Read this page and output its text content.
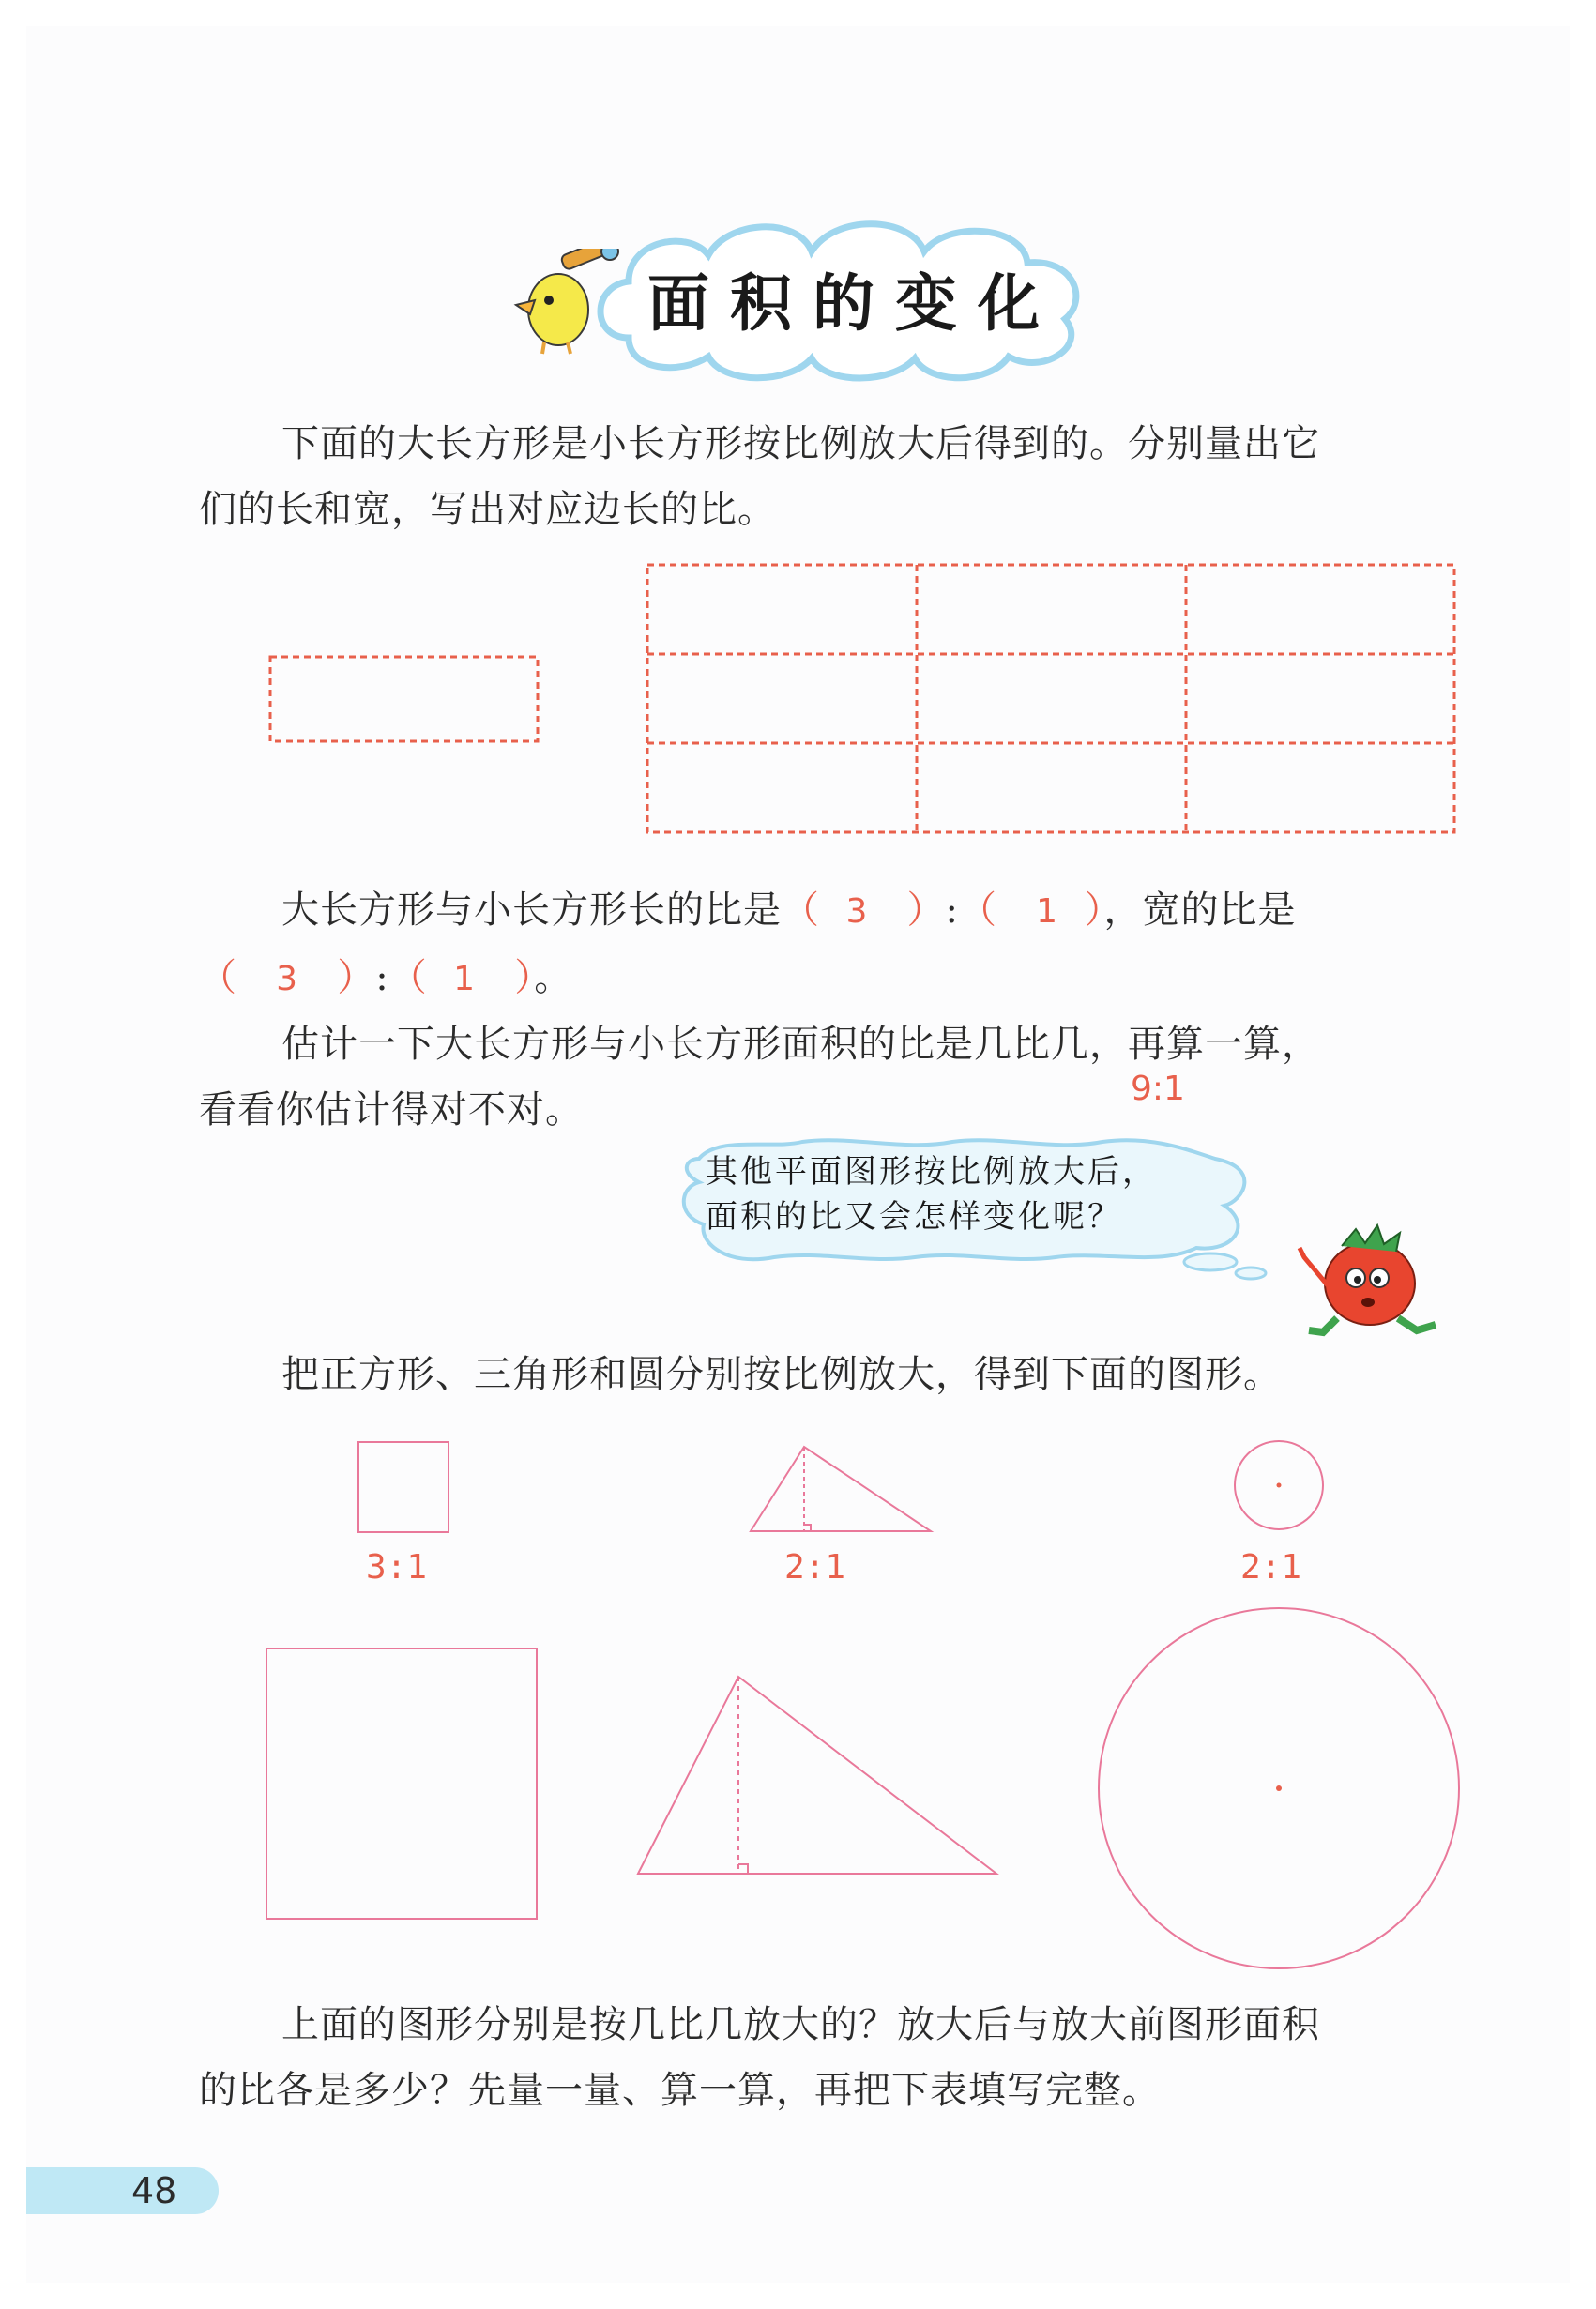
面积的变化
下面的大长方形是小长方形按比例放大后得到的。分别量出它
们的长和宽，写出对应边长的比。
大长方形与小长方形长的比是（  3   ）:（   1  ），宽的比是
（   3   ）:（  1   ）。
估计一下大长方形与小长方形面积的比是几比几，再算一算，
看看你估计得对不对。	9:1
其他平面图形按比例放大后，
面积的比又会怎样变化呢？
把正方形、三角形和圆分别按比例放大，得到下面的图形。
3:1	2:1	2:1
上面的图形分别是按几比几放大的？放大后与放大前图形面积
的比各是多少？先量一量、算一算，再把下表填写完整。
48
